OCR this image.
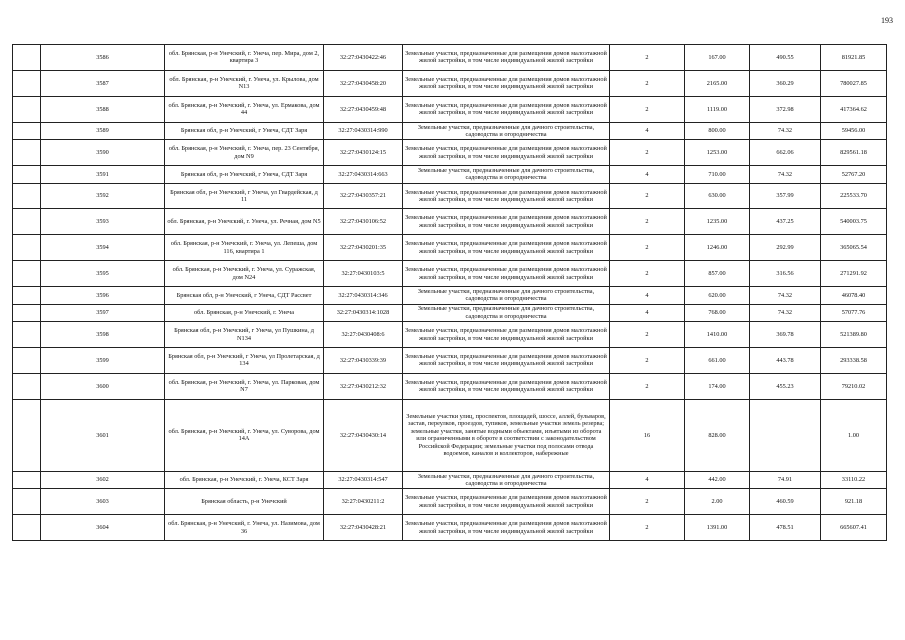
193
	3586	обл. Брянская, р-н Унечский, г. Унеча, пер. Мира, дом 2, квартира 3	32:27:0430422:46	Земельные участки, предназначенные для размещения домов малоэтажной жилой застройки, в том числе индивидуальной жилой застройки	2	167.00	490.55	81921.85
	3587	обл. Брянская, р-н Унечский, г. Унеча, ул. Крылова, дом N13	32:27:0430458:20	Земельные участки, предназначенные для размещения домов малоэтажной жилой застройки, в том числе индивидуальной жилой застройки	2	2165.00	360.29	780027.85
	3588	обл. Брянская, р-н Унечский, г. Унеча, ул. Ермакова, дом 44	32:27:0430459:48	Земельные участки, предназначенные для размещения домов малоэтажной жилой застройки, в том числе индивидуальной жилой застройки	2	1119.00	372.98	417364.62
	3589	Брянская обл, р-н Унечский, г Унеча, СДТ Заря	32:27:0430314:990	Земельные участки, предназначенные для дачного строительства, садоводства и огородничества	4	800.00	74.32	59456.00
	3590	обл. Брянская, р-н Унечский, г. Унеча, пер. 23 Сентября, дом N9	32:27:0430124:15	Земельные участки, предназначенные для размещения домов малоэтажной жилой застройки, в том числе индивидуальной жилой застройки	2	1253.00	662.06	829561.18
	3591	Брянская обл, р-н Унечский, г Унеча, СДТ Заря	32:27:0430314:663	Земельные участки, предназначенные для дачного строительства, садоводства и огородничества	4	710.00	74.32	52767.20
	3592	Брянская обл, р-н Унечский, г Унеча, ул Гвардейская, д 11	32:27:0430357:21	Земельные участки, предназначенные для размещения домов малоэтажной жилой застройки, в том числе индивидуальной жилой застройки	2	630.00	357.99	225533.70
	3593	обл. Брянская, р-н Унечский, г. Унеча, ул. Речная, дом N5	32:27:0430106:52	Земельные участки, предназначенные для размещения домов малоэтажной жилой застройки, в том числе индивидуальной жилой застройки	2	1235.00	437.25	540003.75
	3594	обл. Брянская, р-н Унечский, г. Унеча, ул. Лепеша, дом 116, квартира 1	32:27:0430201:35	Земельные участки, предназначенные для размещения домов малоэтажной жилой застройки, в том числе индивидуальной жилой застройки	2	1246.00	292.99	365065.54
	3595	обл. Брянская, р-н Унечский, г. Унеча, ул. Суражская, дом N24	32:27:0430103:5	Земельные участки, предназначенные для размещения домов малоэтажной жилой застройки, в том числе индивидуальной жилой застройки	2	857.00	316.56	271291.92
	3596	Брянская обл, р-н Унечский, г Унеча, СДТ Рассвет	32:27:0430314:346	Земельные участки, предназначенные для дачного строительства, садоводства и огородничества	4	620.00	74.32	46078.40
	3597	обл. Брянская, р-н Унечский, г. Унеча	32:27:0430314:1028	Земельные участки, предназначенные для дачного строительства, садоводства и огородничества	4	768.00	74.32	57077.76
	3598	Брянская обл, р-н Унечский, г Унеча, ул Пушкина, д N134	32:27:0430408:6	Земельные участки, предназначенные для размещения домов малоэтажной жилой застройки, в том числе индивидуальной жилой застройки	2	1410.00	369.78	521389.80
	3599	Брянская обл, р-н Унечский, г Унеча, ул Пролетарская, д 134	32:27:0430339:39	Земельные участки, предназначенные для размещения домов малоэтажной жилой застройки, в том числе индивидуальной жилой застройки	2	661.00	443.78	293338.58
	3600	обл. Брянская, р-н Унечский, г. Унеча, ул. Парковая, дом N7	32:27:0430212:32	Земельные участки, предназначенные для размещения домов малоэтажной жилой застройки, в том числе индивидуальной жилой застройки	2	174.00	455.23	79210.02
	3601	обл. Брянская, р-н Унечский, г. Унеча, ул. Суворова, дом 14А	32:27:0430430:14	Земельные участки улиц, проспектов, площадей, шоссе, аллей, бульваров, застав, переулков, проездов, тупиков, земельные участки земель резерва; земельные участки, занятые водными объектами, изъятыми из оборота или ограниченными в обороте в соответствии с законодательством Российской Федерации; земельные участки под полосами отвода водоемов, каналов и коллекторов, набережные	16	828.00		1.00
	3602	обл. Брянская, р-н Унечский, г. Унеча, КСТ Заря	32:27:0430314:547	Земельные участки, предназначенные для дачного строительства, садоводства и огородничества	4	442.00	74.91	33110.22
	3603	Брянская область, р-н Унечский	32:27:0430211:2	Земельные участки, предназначенные для размещения домов малоэтажной жилой застройки, в том числе индивидуальной жилой застройки	2	2.00	460.59	921.18
	3604	обл. Брянская, р-н Унечский, г. Унеча, ул. Назимова, дом 36	32:27:0430428:21	Земельные участки, предназначенные для размещения домов малоэтажной жилой застройки, в том числе индивидуальной жилой застройки	2	1391.00	478.51	665607.41
